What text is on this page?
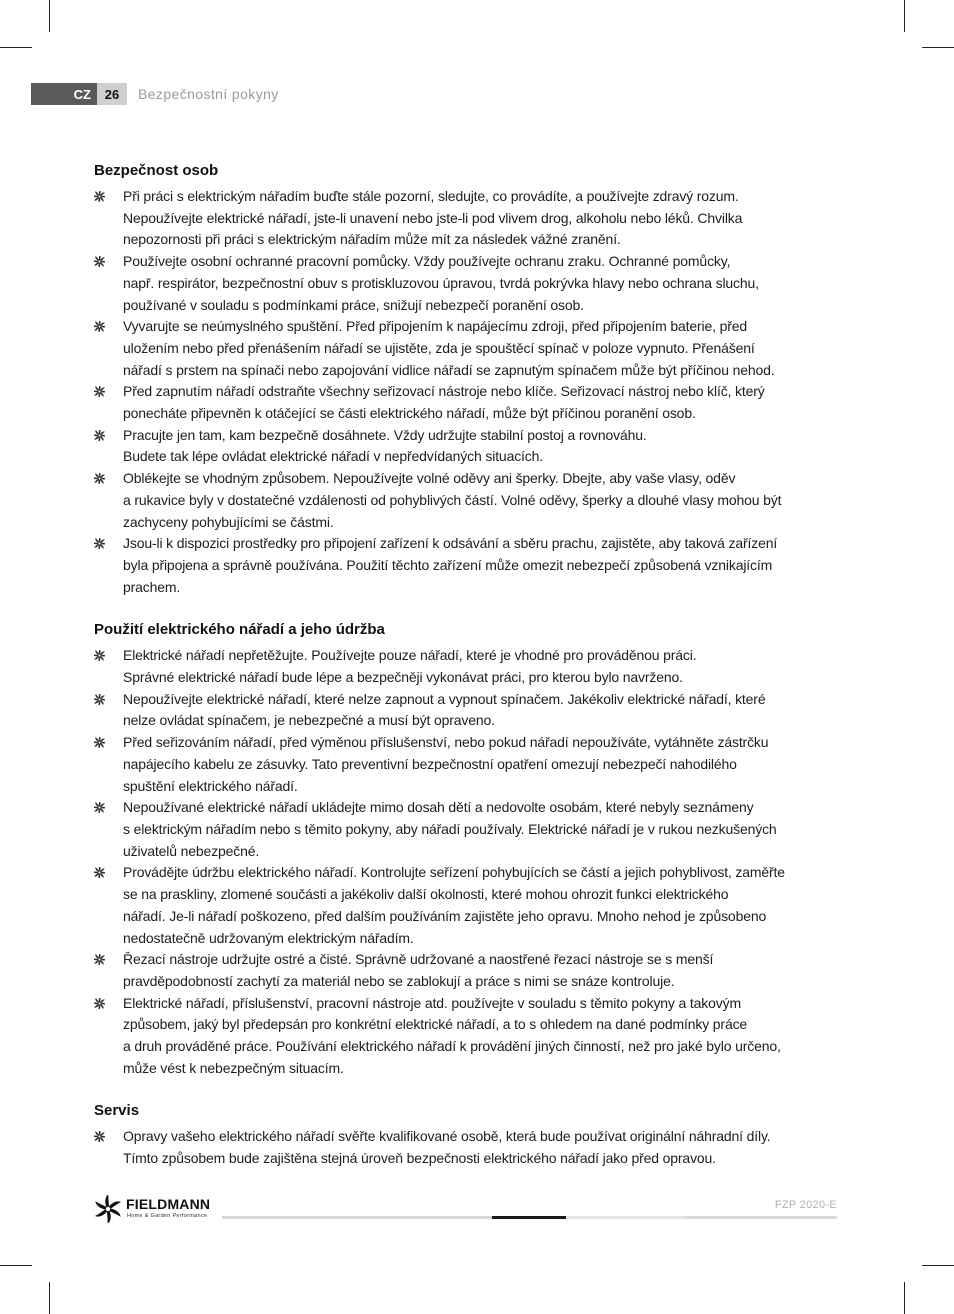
CZ	26	Bezpečnostní pokyny
Bezpečnost osob
Při práci s elektrickým nářadím buďte stále pozorní, sledujte, co provádíte, a používejte zdravý rozum.
Nepoužívejte elektrické nářadí, jste-li unavení nebo jste-li pod vlivem drog, alkoholu nebo léků. Chvilka
nepozornosti při práci s elektrickým nářadím může mít za následek vážné zranění.
Používejte osobní ochranné pracovní pomůcky. Vždy používejte ochranu zraku. Ochranné pomůcky,
např. respirátor, bezpečnostní obuv s protiskluzovou úpravou, tvrdá pokrývka hlavy nebo ochrana sluchu,
používané v souladu s podmínkami práce, snižují nebezpečí poranění osob.
Vyvarujte se neúmyslného spuštění. Před připojením k napájecímu zdroji, před připojením baterie, před
uložením nebo před přenášením nářadí se ujistěte, zda je spouštěcí spínač v poloze vypnuto. Přenášení
nářadí s prstem na spínači nebo zapojování vidlice nářadí se zapnutým spínačem může být příčinou nehod.
Před zapnutím nářadí odstraňte všechny seřizovací nástroje nebo klíče. Seřizovací nástroj nebo klíč, který
ponecháte připevněn k otáčející se části elektrického nářadí, může být příčinou poranění osob.
Pracujte jen tam, kam bezpečně dosáhnete. Vždy udržujte stabilní postoj a rovnováhu.
Budete tak lépe ovládat elektrické nářadí v nepředvídaných situacích.
Oblékejte se vhodným způsobem. Nepoužívejte volné oděvy ani šperky. Dbejte, aby vaše vlasy, oděv
a rukavice byly v dostatečné vzdálenosti od pohyblivých částí. Volné oděvy, šperky a dlouhé vlasy mohou být
zachyceny pohybujícími se částmi.
Jsou-li k dispozici prostředky pro připojení zařízení k odsávání a sběru prachu, zajistěte, aby taková zařízení
byla připojena a správně používána. Použití těchto zařízení může omezit nebezpečí způsobená vznikajícím
prachem.
Použití elektrického nářadí a jeho údržba
Elektrické nářadí nepřetěžujte. Používejte pouze nářadí, které je vhodné pro prováděnou práci.
Správné elektrické nářadí bude lépe a bezpečněji vykonávat práci, pro kterou bylo navrženo.
Nepoužívejte elektrické nářadí, které nelze zapnout a vypnout spínačem. Jakékoliv elektrické nářadí, které
nelze ovládat spínačem, je nebezpečné a musí být opraveno.
Před seřizováním nářadí, před výměnou příslušenství, nebo pokud nářadí nepoužíváte, vytáhněte zástrčku
napájecího kabelu ze zásuvky. Tato preventivní bezpečnostní opatření omezují nebezpečí nahodilého
spuštění elektrického nářadí.
Nepoužívané elektrické nářadí ukládejte mimo dosah dětí a nedovolte osobám, které nebyly seznámeny
s elektrickým nářadím nebo s těmito pokyny, aby nářadí používaly. Elektrické nářadí je v rukou nezkušených
uživatelů nebezpečné.
Provádějte údržbu elektrického nářadí. Kontrolujte seřízení pohybujících se částí a jejich pohyblivost, zaměřte
se na praskliny, zlomené součásti a jakékoliv další okolnosti, které mohou ohrozit funkci elektrického
nářadí. Je-li nářadí poškozeno, před dalším používáním zajistěte jeho opravu. Mnoho nehod je způsobeno
nedostatečně udržovaným elektrickým nářadím.
Řezací nástroje udržujte ostré a čisté. Správně udržované a naostřené řezací nástroje se s menší
pravděpodobností zachytí za materiál nebo se zablokují a práce s nimi se snáze kontroluje.
Elektrické nářadí, příslušenství, pracovní nástroje atd. používejte v souladu s těmito pokyny a takovým
způsobem, jaký byl předepsán pro konkrétní elektrické nářadí, a to s ohledem na dané podmínky práce
a druh prováděné práce. Používání elektrického nářadí k provádění jiných činností, než pro jaké bylo určeno,
může vést k nebezpečným situacím.
Servis
Opravy vašeho elektrického nářadí svěřte kvalifikované osobě, která bude používat originální náhradní díly.
Tímto způsobem bude zajištěna stejná úroveň bezpečnosti elektrického nářadí jako před opravou.
FIELDMANN
Home & Garden Performance
FZP 2020-E
